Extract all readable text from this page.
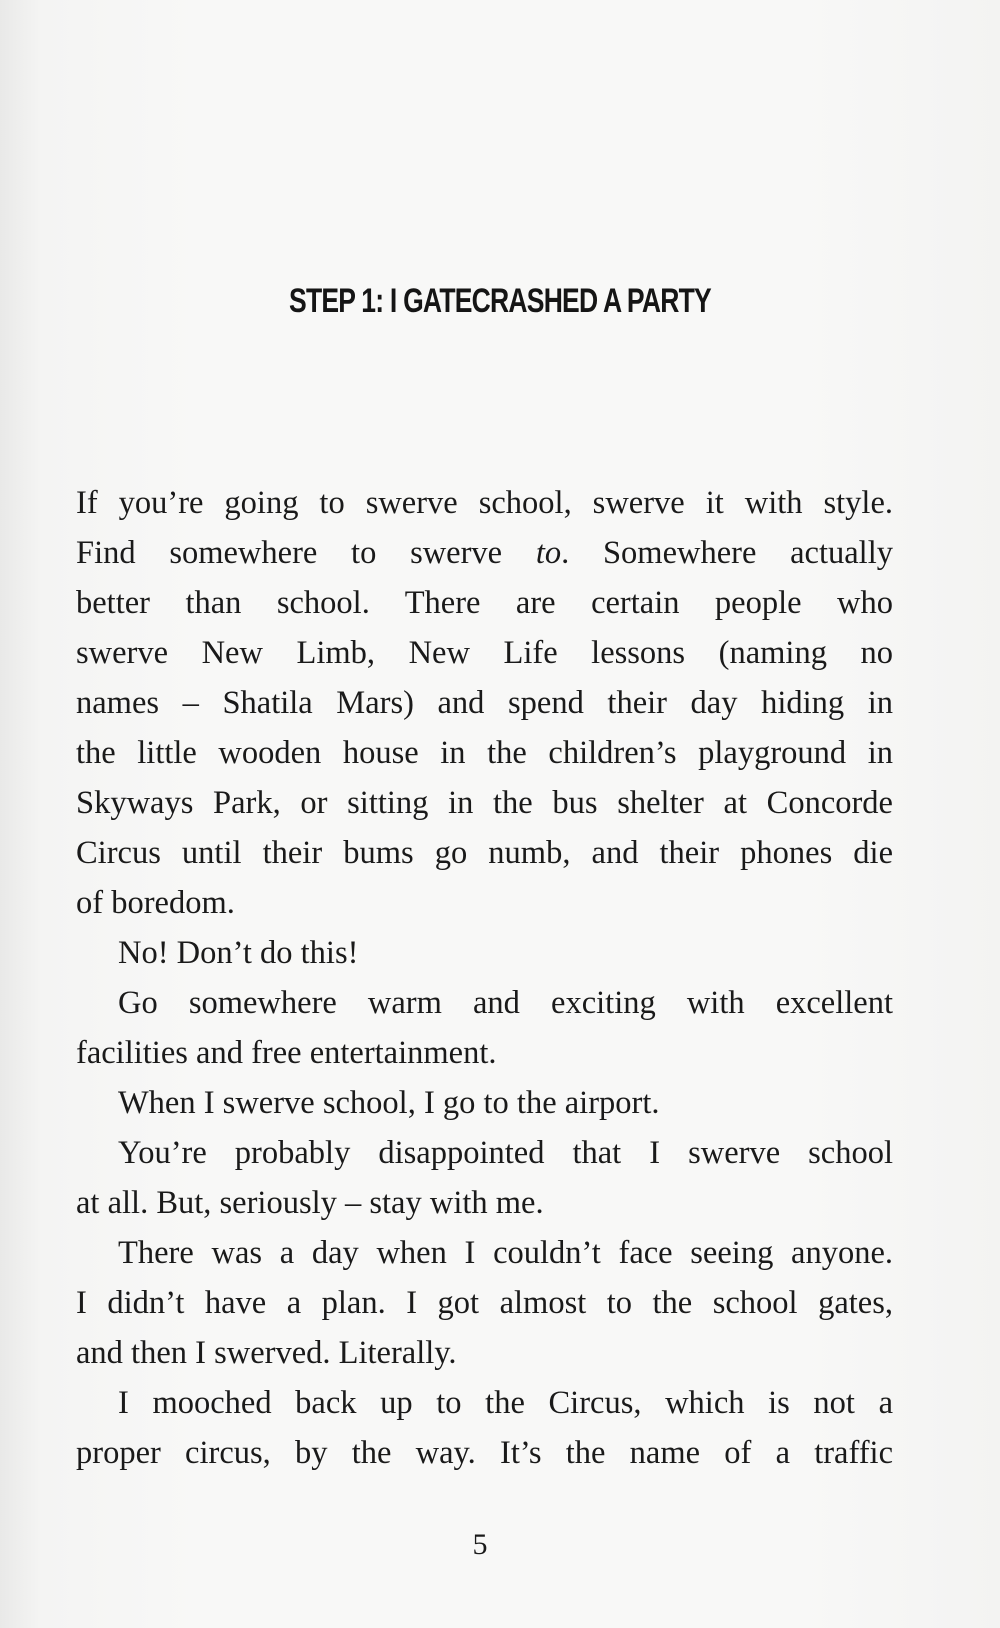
STEP 1: I GATECRASHED A PARTY
If you’re going to swerve school, swerve it with style.
Find somewhere to swerve to. Somewhere actually
better than school. There are certain people who
swerve New Limb, New Life lessons (naming no
names – Shatila Mars) and spend their day hiding in
the little wooden house in the children’s playground in
Skyways Park, or sitting in the bus shelter at Concorde
Circus until their bums go numb, and their phones die
of boredom.
No! Don’t do this!
Go somewhere warm and exciting with excellent
facilities and free entertainment.
When I swerve school, I go to the airport.
You’re probably disappointed that I swerve school
at all. But, seriously – stay with me.
There was a day when I couldn’t face seeing anyone.
I didn’t have a plan. I got almost to the school gates,
and then I swerved. Literally.
I mooched back up to the Circus, which is not a
proper circus, by the way. It’s the name of a traffic
5
